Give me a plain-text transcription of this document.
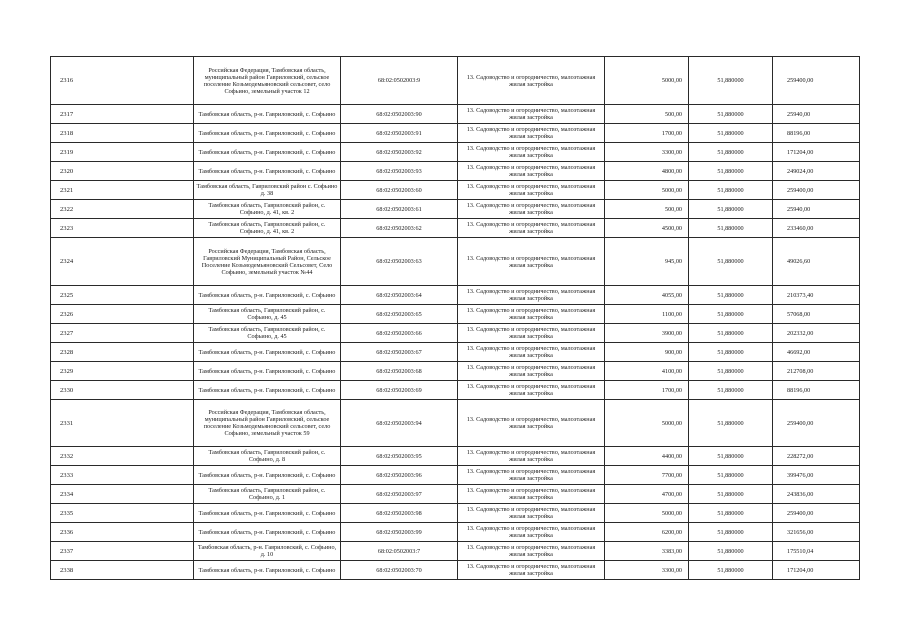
2316	Российская Федерация, Тамбовская область, муниципальный район Гавриловский, сельское поселение Козьмодемьяновский сельсовет, село Софьино, земельный участок 12	68:02:0502003:9	13. Садоводство и огородничество, малоэтажная жилая застройка	5000,00	51,880000	259400,00
2317	Тамбовская область, р-н. Гавриловский, с. Софьино	68:02:0502003:90	13. Садоводство и огородничество, малоэтажная жилая застройка	500,00	51,880000	25940,00
2318	Тамбовская область, р-н. Гавриловский, с. Софьино	68:02:0502003:91	13. Садоводство и огородничество, малоэтажная жилая застройка	1700,00	51,880000	88196,00
2319	Тамбовская область, р-н. Гавриловский, с. Софьино	68:02:0502003:92	13. Садоводство и огородничество, малоэтажная жилая застройка	3300,00	51,880000	171204,00
2320	Тамбовская область, р-н. Гавриловский, с. Софьино	68:02:0502003:93	13. Садоводство и огородничество, малоэтажная жилая застройка	4800,00	51,880000	249024,00
2321	Тамбовская область, Гавриловский район с. Софьино д. 38	68:02:0502003:60	13. Садоводство и огородничество, малоэтажная жилая застройка	5000,00	51,880000	259400,00
2322	Тамбовская область, Гавриловский район, с. Софьино, д. 41, кв. 2	68:02:0502003:61	13. Садоводство и огородничество, малоэтажная жилая застройка	500,00	51,880000	25940,00
2323	Тамбовская область, Гавриловский район, с. Софьино, д. 41, кв. 2	68:02:0502003:62	13. Садоводство и огородничество, малоэтажная жилая застройка	4500,00	51,880000	233460,00
2324	Российская Федерация, Тамбовская область, Гавриловский Муниципальный Район, Сельское Поселение Козьмодемьяновский Сельсовет, Село Софьино, земельный участок №44	68:02:0502003:63	13. Садоводство и огородничество, малоэтажная жилая застройка	945,00	51,880000	49026,60
2325	Тамбовская область, р-н. Гавриловский, с. Софьино	68:02:0502003:64	13. Садоводство и огородничество, малоэтажная жилая застройка	4055,00	51,880000	210373,40
2326	Тамбовская область, Гавриловский район, с. Софьино, д. 45	68:02:0502003:65	13. Садоводство и огородничество, малоэтажная жилая застройка	1100,00	51,880000	57068,00
2327	Тамбовская область, Гавриловский район, с. Софьино, д. 45	68:02:0502003:66	13. Садоводство и огородничество, малоэтажная жилая застройка	3900,00	51,880000	202332,00
2328	Тамбовская область, р-н. Гавриловский, с. Софьино	68:02:0502003:67	13. Садоводство и огородничество, малоэтажная жилая застройка	900,00	51,880000	46692,00
2329	Тамбовская область, р-н. Гавриловский, с. Софьино	68:02:0502003:68	13. Садоводство и огородничество, малоэтажная жилая застройка	4100,00	51,880000	212708,00
2330	Тамбовская область, р-н. Гавриловский, с. Софьино	68:02:0502003:69	13. Садоводство и огородничество, малоэтажная жилая застройка	1700,00	51,880000	88196,00
2331	Российская Федерация, Тамбовская область, муниципальный район Гавриловский, сельское поселение Козьмодемьяновский сельсовет, село Софьино, земельный участок 59	68:02:0502003:94	13. Садоводство и огородничество, малоэтажная жилая застройка	5000,00	51,880000	259400,00
2332	Тамбовская область, Гавриловский район, с. Софьино, д. 8	68:02:0502003:95	13. Садоводство и огородничество, малоэтажная жилая застройка	4400,00	51,880000	228272,00
2333	Тамбовская область, р-н. Гавриловский, с. Софьино	68:02:0502003:96	13. Садоводство и огородничество, малоэтажная жилая застройка	7700,00	51,880000	399476,00
2334	Тамбовская область, Гавриловский район, с. Софьино, д. 1	68:02:0502003:97	13. Садоводство и огородничество, малоэтажная жилая застройка	4700,00	51,880000	243836,00
2335	Тамбовская область, р-н. Гавриловский, с. Софьино	68:02:0502003:98	13. Садоводство и огородничество, малоэтажная жилая застройка	5000,00	51,880000	259400,00
2336	Тамбовская область, р-н. Гавриловский, с. Софьино	68:02:0502003:99	13. Садоводство и огородничество, малоэтажная жилая застройка	6200,00	51,880000	321656,00
2337	Тамбовская область, р-н. Гавриловский, с. Софьино, д. 10	68:02:0502003:7	13. Садоводство и огородничество, малоэтажная жилая застройка	3383,00	51,880000	175510,04
2338	Тамбовская область, р-н. Гавриловский, с. Софьино	68:02:0502003:70	13. Садоводство и огородничество, малоэтажная жилая застройка	3300,00	51,880000	171204,00
